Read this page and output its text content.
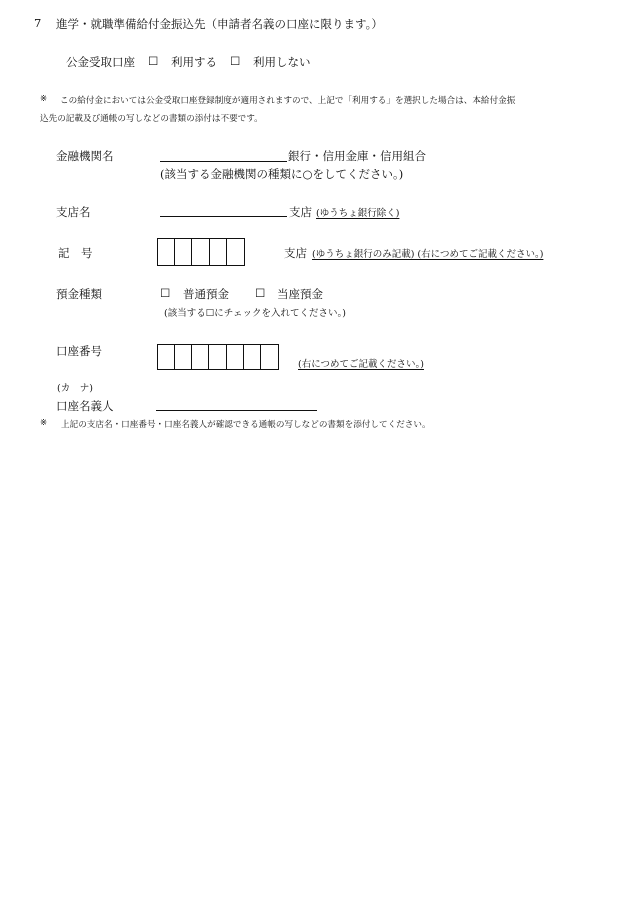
7 進学・就職準備給付金振込先（申請者名義の口座に限ります。）
公金受取口座 ☐ 利用する ☐ 利用しない
※ この給付金においては公金受取口座登録制度が適用されますので、上記で「利用する」を選択した場合は、本給付金振
込先の記載及び通帳の写しなどの書類の添付は不要です。
金融機関名	銀行・信用金庫・信用組合
(該当する金融機関の種類に○をしてください。)
支店名	支店 (ゆうちょ銀行除く)
記　号	支店 (ゆうちょ銀行のみ記載) (右につめてご記載ください。)
預金種類	☐ 普通預金 ☐ 当座預金
(該当する☐にチェックを入れてください。)
口座番号
(右につめてご記載ください。)
(カ　ナ)
口座名義人
※ 上記の支店名・口座番号・口座名義人が確認できる通帳の写しなどの書類を添付してください。
